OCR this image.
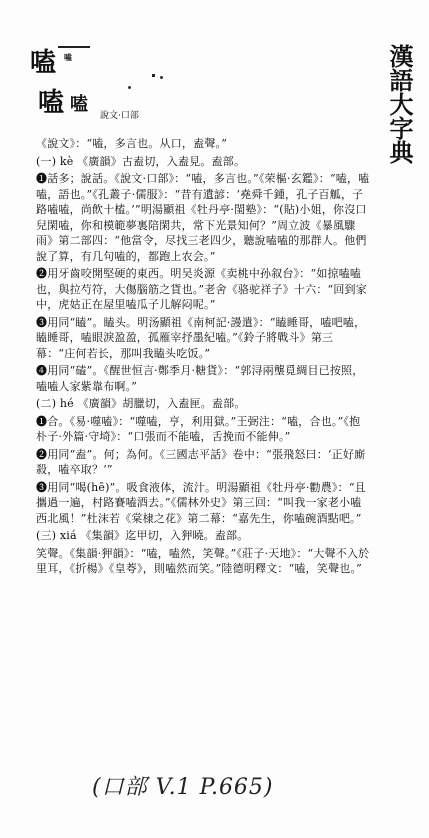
嗑
嗑
嗑 嗑
說文·口部	漢語大字典

《說文》：“嗑，多言也。从口，盍聲。”

(一) kè 《廣韻》古盍切，入盍見。盍部。

❶話多；說話。《說文·口部》：“嗑，多言也。”《荣樞·玄鑑》：“嗑，嗑嗑，語也。”《孔叢子·儒服》：“昔有遺諺：‘堯舜千鍾，孔子百觚，子路嗑嗑，尚飲十榼。’”明湯顯祖《牡丹亭·閨塾》：“(貼)小姐，你沒口兒閑嗑，你和模範夢裏陪閑共，常下光景知何？”周立波《暴風驟雨》第二部四：“他當令，尽找三老四少，聽說嗑嗑的那群人。他們說了算，有几句嗑的，都跑上农会。”

❷用牙齒咬開堅硬的東西。明吴炎源《卖桃中孙叙台》：“如掠嗑嗑也，與拉芍符，大傷腦筋之貨也。”老舍《骆驼祥子》十六：“回到家中，虎姑正在屋里嗑瓜子儿解闷呢。”

❸用同“瞌”。瞌头。明汤顯祖《南柯記·謾遣》：“瞌睡哥，嗑吧嗑，瞌睡哥，嗑眼淚盈盈，孤雁宰抒墨紀嗑。”《鈴子將戰斗》第三幕：“庄何若长，那叫我瞌头吃饭。”

❹用同“磕”。《醒世恒言·鄭季月·糖貨》：“郭浔兩壟覓綢目已按照，嗑嗑人家紫靠布啊。”

(二) hé 《廣韻》胡臘切，入盍匣。盍部。

❶合。《易·噬嗑》：“噬嗑，亨，利用獄。”王弼注：“嗑，合也。”《抱朴子·外篇·守埼》：“口張而不能嗑，舌挽而不能伸。”

❷用同“盍”。何；為何。《三國志平話》卷中：“張飛怒曰：‘正好廝殺，嗑卒取？’”

❸用同“喝(hē)”。吸食液体，流汁。明湯顯祖《牡丹亭·勸農》：“且攜過一遍，村路賽嗑酒去。”《儒林外史》第三回：“叫我一家老小嗑西北風！”杜沫若《棠棣之花》第二幕：“嘉先生，你嗑碗酒點吧。”

(三) xiá 《集韻》迄甲切，入狎曉。盍部。

笑聲。《集韻·狎韻》：“嗑，嗑然，笑聲。”《莊子·天地》：“大聲不入於里耳，《折楊》《皇荂》，則嗑然而笑。”陸德明釋文：“嗑，笑聲也。”

(口部 V.1 P.665)
